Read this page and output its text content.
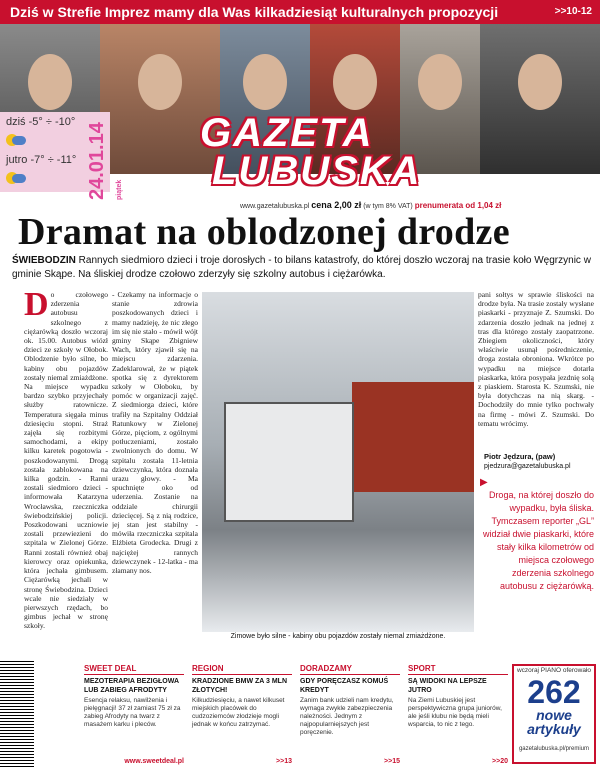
Dziś w Strefie Imprez mamy dla Was kilkadziesiąt kulturalnych propozycji	>>10-12
dziś -5° ÷ -10°
jutro -7° ÷ -11° 24.01.14 piątek
GAZETA
LUBUSKA
www.gazetalubuska.pl cena 2,00 zł (w tym 8% VAT) prenumerata od 1,04 zł
Dramat na oblodzonej drodze
ŚWIEBODZIN Rannych siedmioro dzieci i troje dorosłych - to bilans katastrofy, do której doszło wczoraj na trasie koło Węgrzynic w gminie Skąpe. Na śliskiej drodze czołowo zderzyły się szkolny autobus i ciężarówka.
Do czołowego zderzenia autobusu szkolnego z ciężarówką doszło wczoraj ok. 15.00. Autobus wiózł dzieci ze szkoły w Ołobok. Oblodzenie było silne, bo kabiny obu pojazdów zostały niemal zmiażdżone. Na miejsce wypadku bardzo szybko przyjechały służby ratownicze. Temperatura sięgała minus dziesięciu stopni. Straż zajęła się rozbitymi samochodami, a ekipy kilku karetek pogotowia - poszkodowanymi. Drogą została zablokowana na kilka godzin. - Ranni zostali siedmioro dzieci - informowała Katarzyna Wrocławska, rzeczniczka świebodzińskiej policji. Poszkodowani uczniowie zostali przewiezieni do szpitala w Zielonej Górze. Ranni zostali również obaj kierowcy oraz opiekunka, która jechała gimbusem. Ciężarówką jechali w stronę Świebodzina. Dzieci wcale nie siedziały w pierwszych rzędach, bo gimbus jechał w stronę szkoły.
- Czekamy na informacje o stanie zdrowia poszkodowanych dzieci i mamy nadzieję, że nic złego im się nie stało - mówił wójt gminy Skąpe Zbigniew Wach, który zjawił się na miejscu zdarzenia. Zadeklarował, że w piątek spotka się z dyrektorem szkoły w Ołoboku, by pomóc w organizacji zajęć. Z siedmiorga dzieci, które trafiły na Szpitalny Oddział Ratunkowy w Zielonej Górze, pięciom, z ogólnymi potłuczeniami, zostało zwolnionych do domu. W szpitalu została 11-letnia dziewczynka, która doznała urazu głowy. - Ma spuchnięte oko od uderzenia. Zostanie na oddziale chirurgii dziecięcej. Są z nią rodzice, jej stan jest stabilny - mówiła rzeczniczka szpitala Elżbieta Grodecka. Drugi z najciężej rannych dziewczynek - 12-latka - ma złamany nos.
Zimowe było silne - kabiny obu pojazdów zostały niemal zmiażdżone.
pani sołtys w sprawie śliskości na drodze była. Na trasie zostały wysłane piaskarki - przyznaje Z. Szumski. Do zdarzenia doszło jednak na jednej z tras dla którego zostały zaopatrzone. Zbiegiem okoliczności, który właściwie usunął pośredniczenie, droga została obroniona. Wkrótce po wypadku na miejsce dotarła piaskarka, która posypała jezdnię solą z piaskiem. Starosta K. Szumski, nie była dotychczas na nią skarg. - Dochodziły do mnie tylko pochwały na firmę - mówi Z. Szumski. Do tematu wrócimy.
Piotr Jędzura, (paw)
pjedzura@gazetalubuska.pl
▶
Droga, na której doszło do wypadku, była śliska. Tymczasem reporter „GL” widział dwie piaskarki, które stały kilka kilometrów od miejsca czołowego zderzenia szkolnego autobusu z ciężarówką.
SWEET DEAL
MEZOTERAPIA BEZIGŁOWA LUB ZABIEG AFRODYTY
Esencja relaksu, nawilżenia i pielęgnacji! 37 zł zamiast 75 zł za zabieg Afrodyty na twarz z masażem karku i pleców.
www.sweetdeal.pl
REGION
KRADZIONE BMW ZA 3 MLN ZŁOTYCH!
Kilkudziesięciu, a nawet kilkuset miejskich placówek do cudzoziemców złodzieje mogli jednak w końcu zatrzymać.
>>13
DORADZAMY
GDY PORĘCZASZ KOMUŚ KREDYT
Zanim bank udzieli nam kredytu, wymaga zwykle zabezpieczenia należności. Jednym z najpopularniejszych jest poręczenie.
>>15
SPORT
SĄ WIDOKI NA LEPSZE JUTRO
Na Ziemi Lubuskiej jest perspektywiczna grupa juniorów, ale jeśli klubu nie będą mieli wsparcia, to nic z tego.
>>20
wczoraj PIANO oferowało
262
nowe
artykuły
gazetalubuska.pl/premium
